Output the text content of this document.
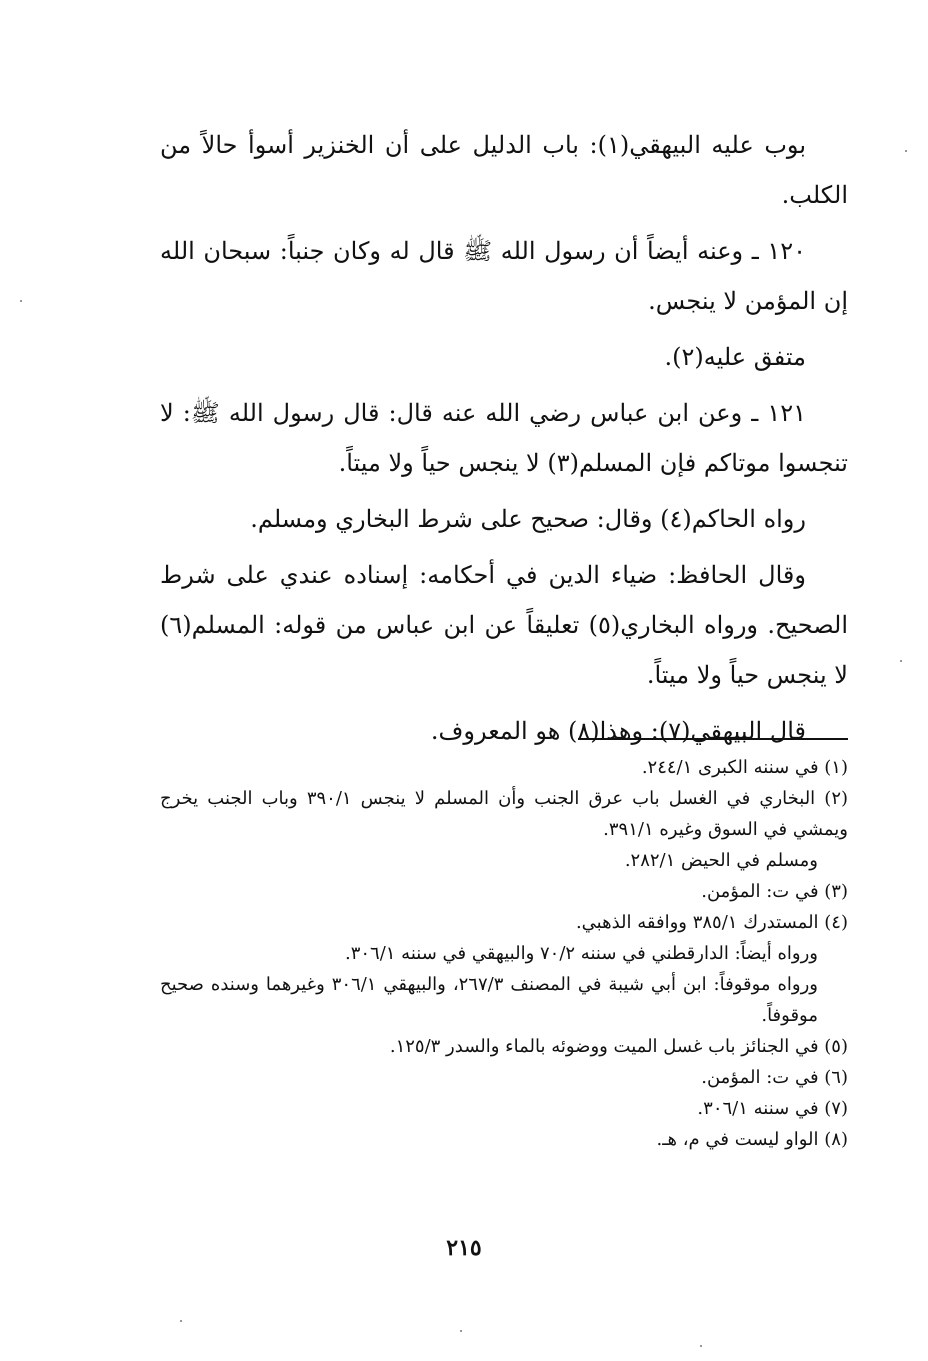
بوب عليه البيهقي(١): باب الدليل على أن الخنزير أسوأ حالاً من الكلب.

١٢٠ ـ وعنه أيضاً أن رسول الله ﷺ قال له وكان جنباً: سبحان الله إن المؤمن لا ينجس.

متفق عليه(٢).

١٢١ ـ وعن ابن عباس رضي الله عنه قال: قال رسول الله ﷺ: لا تنجسوا موتاكم فإن المسلم(٣) لا ينجس حياً ولا ميتاً.

رواه الحاكم(٤) وقال: صحيح على شرط البخاري ومسلم.

وقال الحافظ: ضياء الدين في أحكامه: إسناده عندي على شرط الصحيح. ورواه البخاري(٥) تعليقاً عن ابن عباس من قوله: المسلم(٦) لا ينجس حياً ولا ميتاً.

قال البيهقي(٧): وهذا(٨) هو المعروف.

(١) في سننه الكبرى ٢٤٤/١.

(٢) البخاري في الغسل باب عرق الجنب وأن المسلم لا ينجس ٣٩٠/١ وباب الجنب يخرج ويمشي في السوق وغيره ٣٩١/١.

ومسلم في الحيض ٢٨٢/١.

(٣) في ت: المؤمن.

(٤) المستدرك ٣٨٥/١ ووافقه الذهبي.

ورواه أيضاً: الدارقطني في سننه ٧٠/٢ والبيهقي في سننه ٣٠٦/١.

ورواه موقوفاً: ابن أبي شيبة في المصنف ٢٦٧/٣، والبيهقي ٣٠٦/١ وغيرهما وسنده صحيح موقوفاً.

(٥) في الجنائز باب غسل الميت ووضوئه بالماء والسدر ١٢٥/٣.

(٦) في ت: المؤمن.

(٧) في سننه ٣٠٦/١.

(٨) الواو ليست في م، هـ.

٢١٥
